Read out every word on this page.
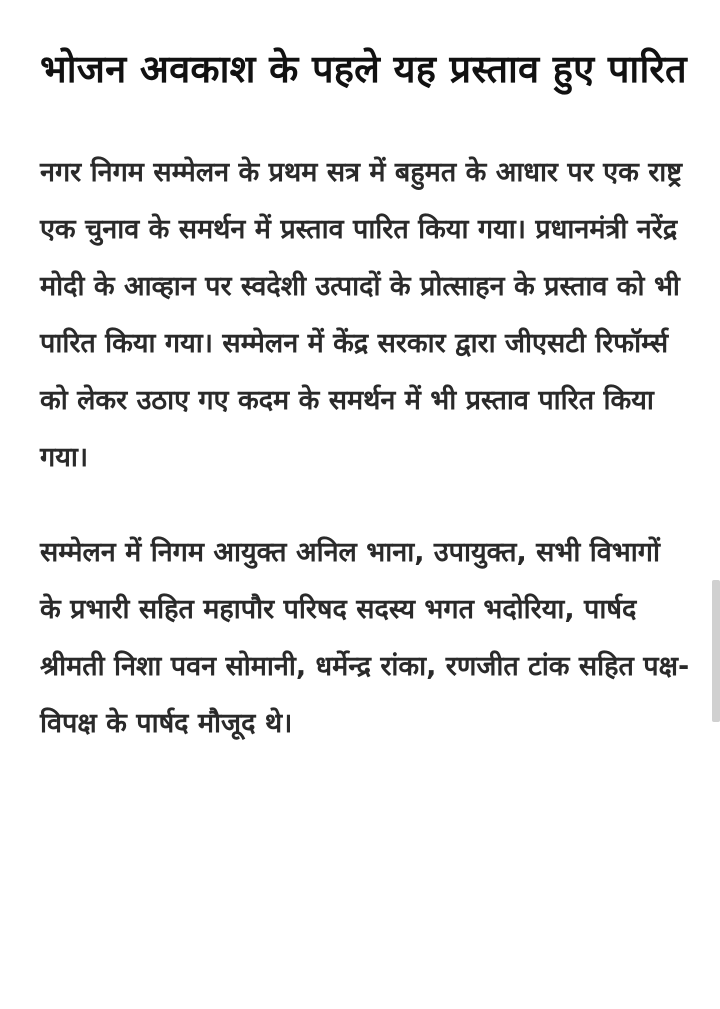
भोजन अवकाश के पहले यह प्रस्ताव हुए पारित

नगर निगम सम्मेलन के प्रथम सत्र में बहुमत के आधार पर एक राष्ट्र एक चुनाव के समर्थन में प्रस्ताव पारित किया गया। प्रधानमंत्री नरेंद्र मोदी के आव्हान पर स्वदेशी उत्पादों के प्रोत्साहन के प्रस्ताव को भी पारित किया गया। सम्मेलन में केंद्र सरकार द्वारा जीएसटी रिफॉर्म्स को लेकर उठाए गए कदम के समर्थन में भी प्रस्ताव पारित किया गया।

सम्मेलन में निगम आयुक्त अनिल भाना, उपायुक्त, सभी विभागों के प्रभारी सहित महापौर परिषद सदस्य भगत भदोरिया, पार्षद श्रीमती निशा पवन सोमानी, धर्मेन्द्र रांका, रणजीत टांक सहित पक्ष- विपक्ष के पार्षद मौजूद थे।
